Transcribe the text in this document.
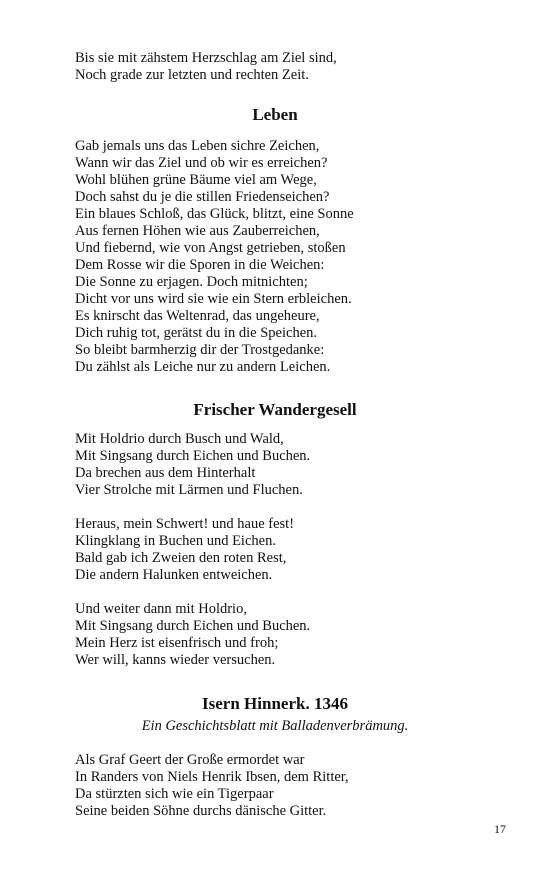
Bis sie mit zähstem Herzschlag am Ziel sind,
Noch grade zur letzten und rechten Zeit.
Leben
Gab jemals uns das Leben sichre Zeichen,
Wann wir das Ziel und ob wir es erreichen?
Wohl blühen grüne Bäume viel am Wege,
Doch sahst du je die stillen Friedenseichen?
Ein blaues Schloß, das Glück, blitzt, eine Sonne
Aus fernen Höhen wie aus Zauberreichen,
Und fiebernd, wie von Angst getrieben, stoßen
Dem Rosse wir die Sporen in die Weichen:
Die Sonne zu erjagen. Doch mitnichten;
Dicht vor uns wird sie wie ein Stern erbleichen.
Es knirscht das Weltenrad, das ungeheure,
Dich ruhig tot, gerätst du in die Speichen.
So bleibt barmherzig dir der Trostgedanke:
Du zählst als Leiche nur zu andern Leichen.
Frischer Wandergesell
Mit Holdrio durch Busch und Wald,
Mit Singsang durch Eichen und Buchen.
Da brechen aus dem Hinterhalt
Vier Strolche mit Lärmen und Fluchen.
Heraus, mein Schwert! und haue fest!
Klingklang in Buchen und Eichen.
Bald gab ich Zweien den roten Rest,
Die andern Halunken entweichen.
Und weiter dann mit Holdrio,
Mit Singsang durch Eichen und Buchen.
Mein Herz ist eisenfrisch und froh;
Wer will, kanns wieder versuchen.
Isern Hinnerk. 1346
Ein Geschichtsblatt mit Balladenverbrämung.
Als Graf Geert der Große ermordet war
In Randers von Niels Henrik Ibsen, dem Ritter,
Da stürzten sich wie ein Tigerpaar
Seine beiden Söhne durchs dänische Gitter.
17
